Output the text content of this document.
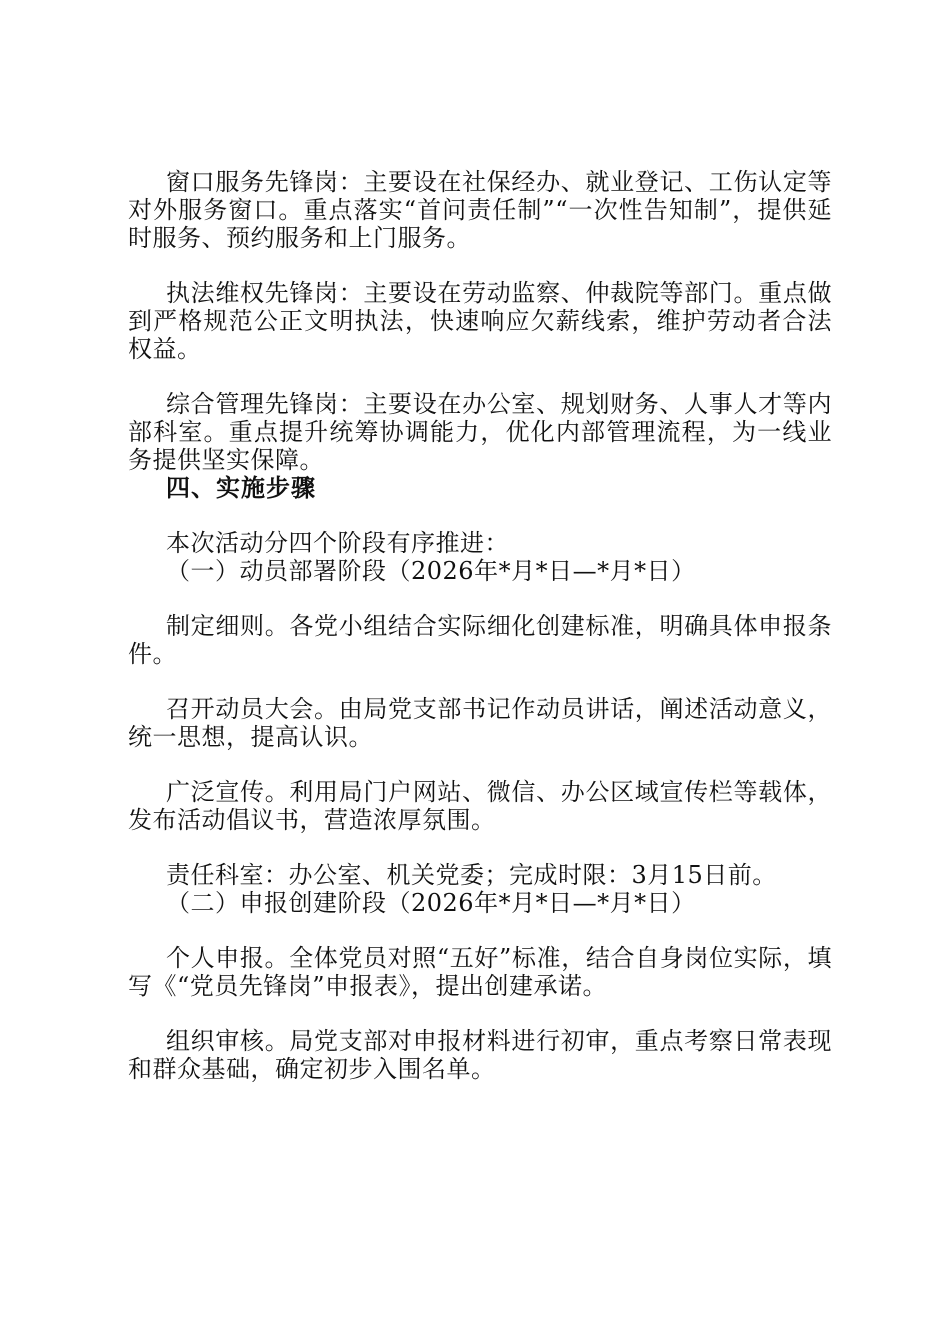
窗口服务先锋岗：主要设在社保经办、就业登记、工伤认定等对外服务窗口。重点落实“首问责任制”“一次性告知制”，提供延时服务、预约服务和上门服务。

执法维权先锋岗：主要设在劳动监察、仲裁院等部门。重点做到严格规范公正文明执法，快速响应欠薪线索，维护劳动者合法权益。

综合管理先锋岗：主要设在办公室、规划财务、人事人才等内部科室。重点提升统筹协调能力，优化内部管理流程，为一线业务提供坚实保障。

四、实施步骤

本次活动分四个阶段有序推进：

（一）动员部署阶段（2026年*月*日—*月*日）

制定细则。各党小组结合实际细化创建标准，明确具体申报条件。

召开动员大会。由局党支部书记作动员讲话，阐述活动意义，统一思想，提高认识。

广泛宣传。利用局门户网站、微信、办公区域宣传栏等载体，发布活动倡议书，营造浓厚氛围。

责任科室：办公室、机关党委；完成时限：3月15日前。

（二）申报创建阶段（2026年*月*日—*月*日）

个人申报。全体党员对照“五好”标准，结合自身岗位实际，填写《“党员先锋岗”申报表》，提出创建承诺。

组织审核。局党支部对申报材料进行初审，重点考察日常表现和群众基础，确定初步入围名单。
